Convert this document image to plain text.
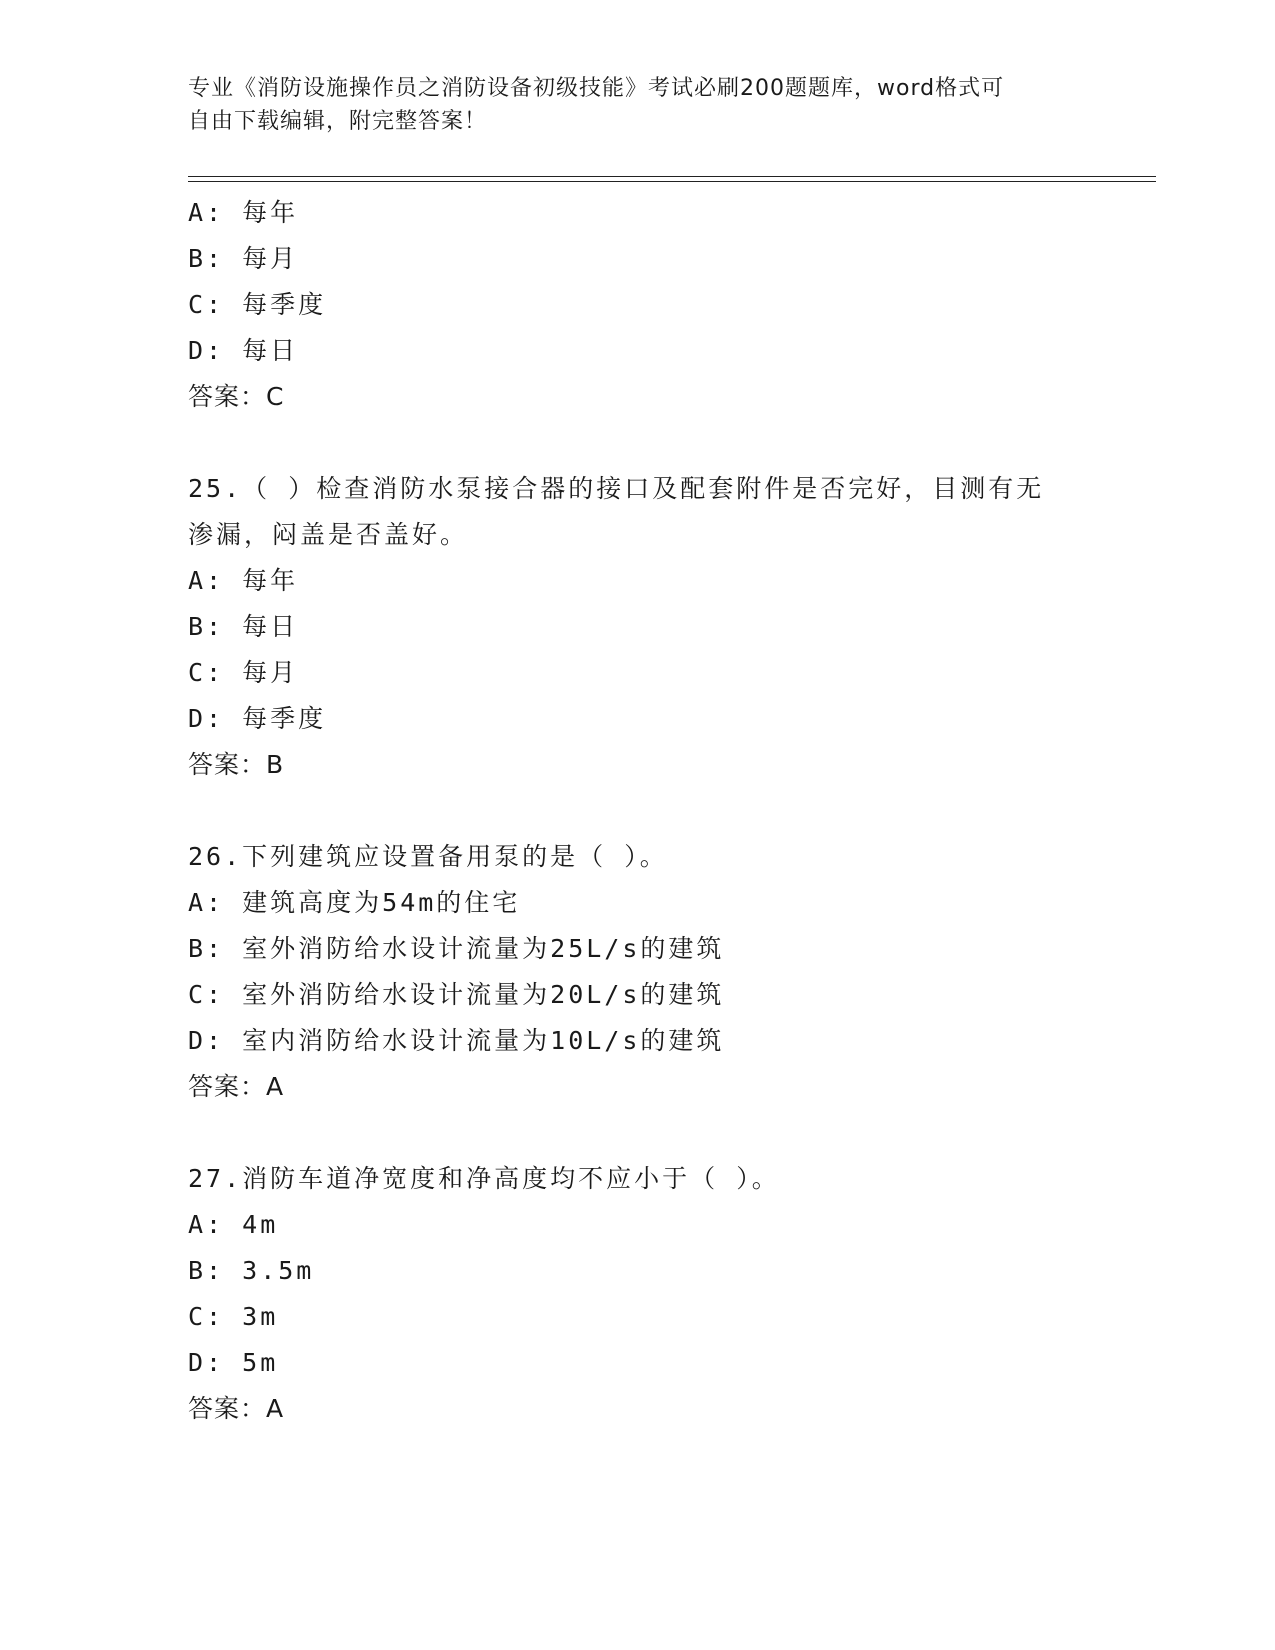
专业《消防设施操作员之消防设备初级技能》考试必刷200题题库，word格式可
自由下载编辑，附完整答案！
A: 每年
B: 每月
C: 每季度
D: 每日
答案：C
25.（ ）检查消防水泵接合器的接口及配套附件是否完好，目测有无
渗漏，闷盖是否盖好。
A: 每年
B: 每日
C: 每月
D: 每季度
答案：B
26.下列建筑应设置备用泵的是（ ）。
A: 建筑高度为54m的住宅
B: 室外消防给水设计流量为25L/s的建筑
C: 室外消防给水设计流量为20L/s的建筑
D: 室内消防给水设计流量为10L/s的建筑
答案：A
27.消防车道净宽度和净高度均不应小于（ ）。
A: 4m
B: 3.5m
C: 3m
D: 5m
答案：A
